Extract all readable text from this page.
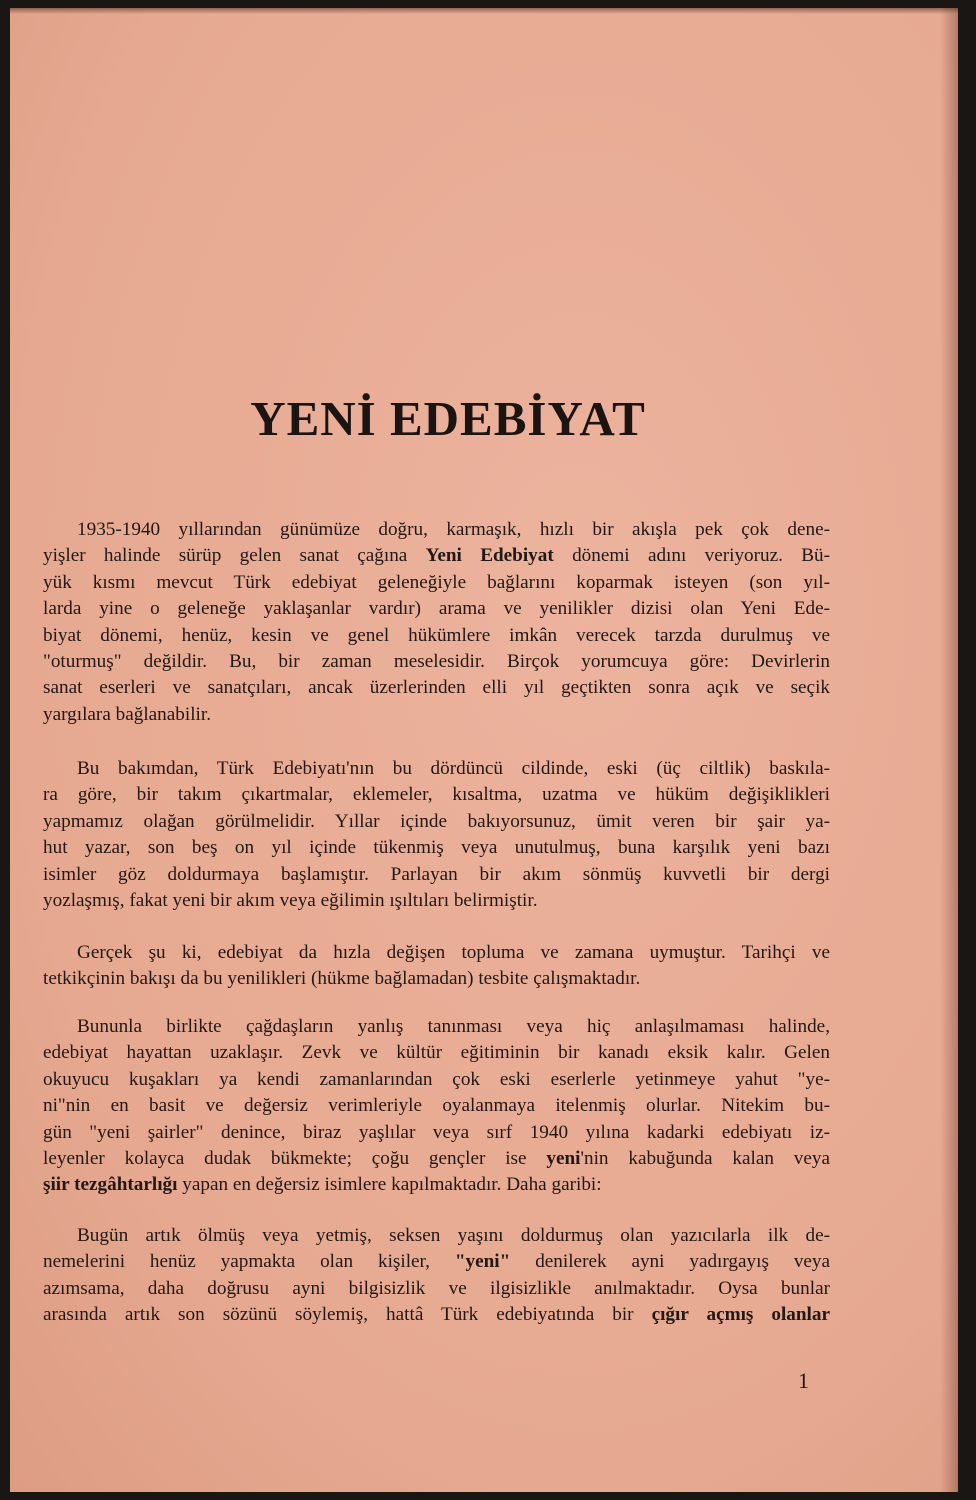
YENİ EDEBİYAT
1935-1940 yıllarından günümüze doğru, karmaşık, hızlı bir akışla pek çok dene-
yişler halinde sürüp gelen sanat çağına Yeni Edebiyat dönemi adını veriyoruz. Bü-
yük kısmı mevcut Türk edebiyat geleneğiyle bağlarını koparmak isteyen (son yıl-
larda yine o geleneğe yaklaşanlar vardır) arama ve yenilikler dizisi olan Yeni Ede-
biyat dönemi, henüz, kesin ve genel hükümlere imkân verecek tarzda durulmuş ve
"oturmuş" değildir. Bu, bir zaman meselesidir. Birçok yorumcuya göre: Devirlerin
sanat eserleri ve sanatçıları, ancak üzerlerinden elli yıl geçtikten sonra açık ve seçik
yargılara bağlanabilir.
Bu bakımdan, Türk Edebiyatı'nın bu dördüncü cildinde, eski (üç ciltlik) baskıla-
ra göre, bir takım çıkartmalar, eklemeler, kısaltma, uzatma ve hüküm değişiklikleri
yapmamız olağan görülmelidir. Yıllar içinde bakıyorsunuz, ümit veren bir şair ya-
hut yazar, son beş on yıl içinde tükenmiş veya unutulmuş, buna karşılık yeni bazı
isimler göz doldurmaya başlamıştır. Parlayan bir akım sönmüş kuvvetli bir dergi
yozlaşmış, fakat yeni bir akım veya eğilimin ışıltıları belirmiştir.
Gerçek şu ki, edebiyat da hızla değişen topluma ve zamana uymuştur. Tarihçi ve
tetkikçinin bakışı da bu yenilikleri (hükme bağlamadan) tesbite çalışmaktadır.
Bununla birlikte çağdaşların yanlış tanınması veya hiç anlaşılmaması halinde,
edebiyat hayattan uzaklaşır. Zevk ve kültür eğitiminin bir kanadı eksik kalır. Gelen
okuyucu kuşakları ya kendi zamanlarından çok eski eserlerle yetinmeye yahut "ye-
ni"nin en basit ve değersiz verimleriyle oyalanmaya itelenmiş olurlar. Nitekim bu-
gün "yeni şairler" denince, biraz yaşlılar veya sırf 1940 yılına kadarki edebiyatı iz-
leyenler kolayca dudak bükmekte; çoğu gençler ise yeni'nin kabuğunda kalan veya
şiir tezgâhtarlığı yapan en değersiz isimlere kapılmaktadır. Daha garibi:
Bugün artık ölmüş veya yetmiş, seksen yaşını doldurmuş olan yazıcılarla ilk de-
nemelerini henüz yapmakta olan kişiler, "yeni" denilerek ayni yadırgayış veya
azımsama, daha doğrusu ayni bilgisizlik ve ilgisizlikle anılmaktadır. Oysa bunlar
arasında artık son sözünü söylemiş, hattâ Türk edebiyatında bir çığır açmış olanlar
1
